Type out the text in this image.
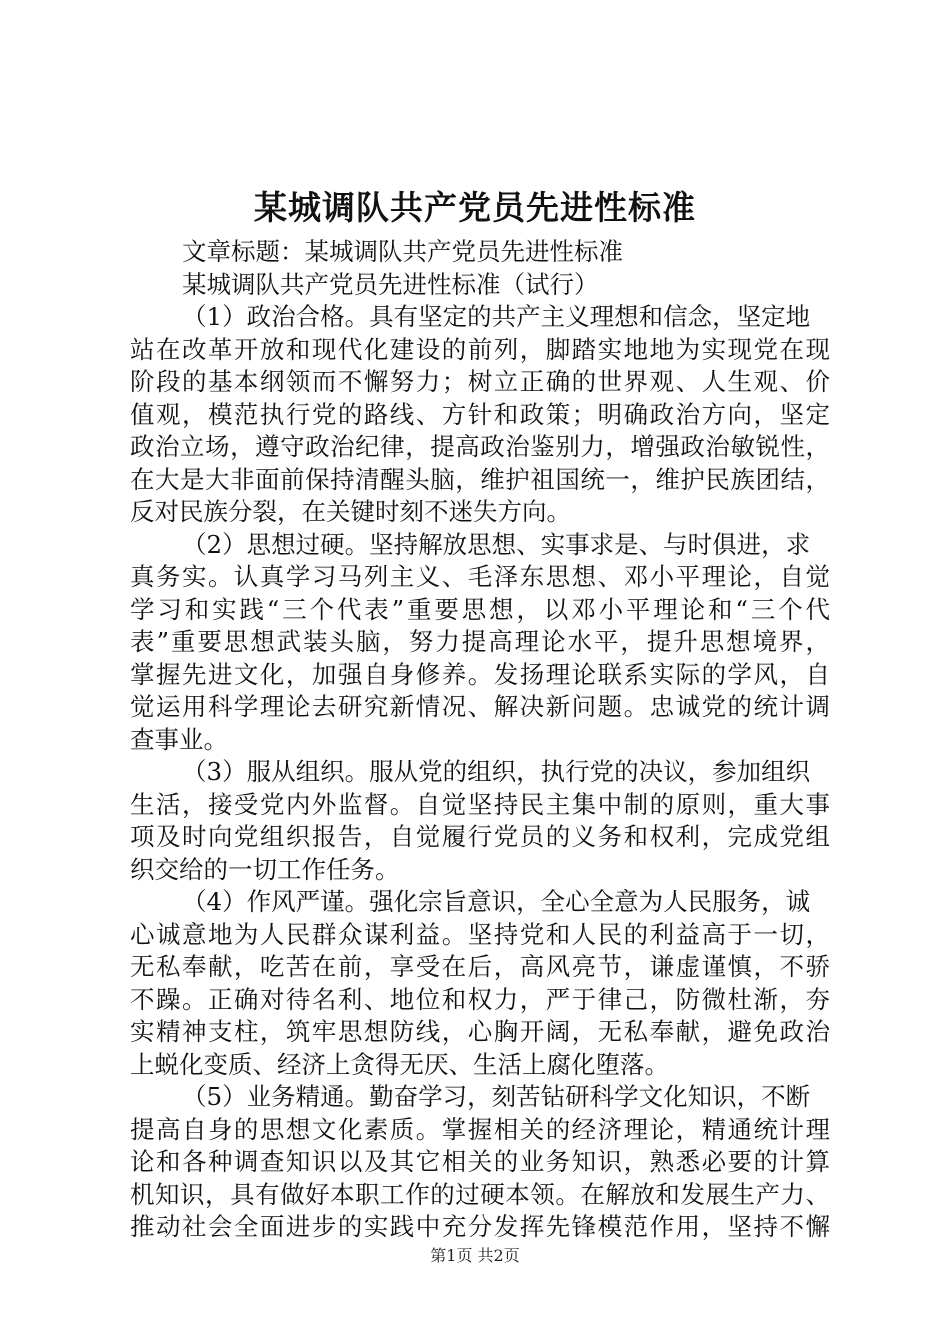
某城调队共产党员先进性标准
文章标题：某城调队共产党员先进性标准
某城调队共产党员先进性标准（试行）
（1）政治合格。具有坚定的共产主义理想和信念，坚定地
站在改革开放和现代化建设的前列，脚踏实地地为实现党在现
阶段的基本纲领而不懈努力；树立正确的世界观、人生观、价
值观，模范执行党的路线、方针和政策；明确政治方向，坚定
政治立场，遵守政治纪律，提高政治鉴别力，增强政治敏锐性，
在大是大非面前保持清醒头脑，维护祖国统一，维护民族团结，
反对民族分裂，在关键时刻不迷失方向。
（2）思想过硬。坚持解放思想、实事求是、与时俱进，求
真务实。认真学习马列主义、毛泽东思想、邓小平理论，自觉
学习和实践“三个代表”重要思想，以邓小平理论和“三个代
表”重要思想武装头脑，努力提高理论水平，提升思想境界，
掌握先进文化，加强自身修养。发扬理论联系实际的学风，自
觉运用科学理论去研究新情况、解决新问题。忠诚党的统计调
查事业。
（3）服从组织。服从党的组织，执行党的决议，参加组织
生活，接受党内外监督。自觉坚持民主集中制的原则，重大事
项及时向党组织报告，自觉履行党员的义务和权利，完成党组
织交给的一切工作任务。
（4）作风严谨。强化宗旨意识，全心全意为人民服务，诚
心诚意地为人民群众谋利益。坚持党和人民的利益高于一切，
无私奉献，吃苦在前，享受在后，高风亮节，谦虚谨慎，不骄
不躁。正确对待名利、地位和权力，严于律己，防微杜渐，夯
实精神支柱，筑牢思想防线，心胸开阔，无私奉献，避免政治
上蜕化变质、经济上贪得无厌、生活上腐化堕落。
（5）业务精通。勤奋学习，刻苦钻研科学文化知识，不断
提高自身的思想文化素质。掌握相关的经济理论，精通统计理
论和各种调查知识以及其它相关的业务知识，熟悉必要的计算
机知识，具有做好本职工作的过硬本领。在解放和发展生产力、
推动社会全面进步的实践中充分发挥先锋模范作用，坚持不懈
第1页 共2页
